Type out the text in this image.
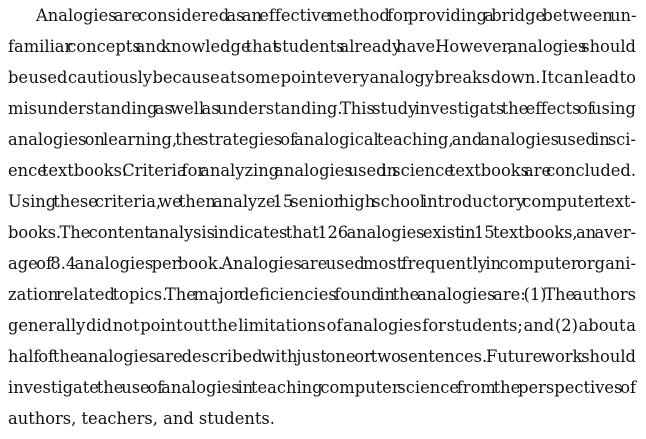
Analogies are considered as an effective method for providing a bridge between un-
familiar concepts and knowledge that students already have. However, analogies should
be used cautiously because at some point every analogy breaks down. It can lead to
misunderstanding as well as understanding. This study investigats the effects of using
analogies on learning, the strategies of analogical teaching, and analogies used in sci-
ence textbooks. Criteria for analyzing analogies used in science textbooks are concluded.
Using these criteria, we then analyze 15 senior high school introductory computer text-
books. The content analysis indicates that 126 analogies exist in 15 textbooks, an aver-
age of 8.4 analogies per book. Analogies are used most frequently in computer organi-
zation related topics. The major deficiencies found in the analogies are: (1) The authors
generally did not point out the limitations of analogies for students; and (2) about a
half of the analogies are described with just one or two sentences. Future work should
investigate the use of analogies in teaching computer science from the perspectives of
authors, teachers, and students.
